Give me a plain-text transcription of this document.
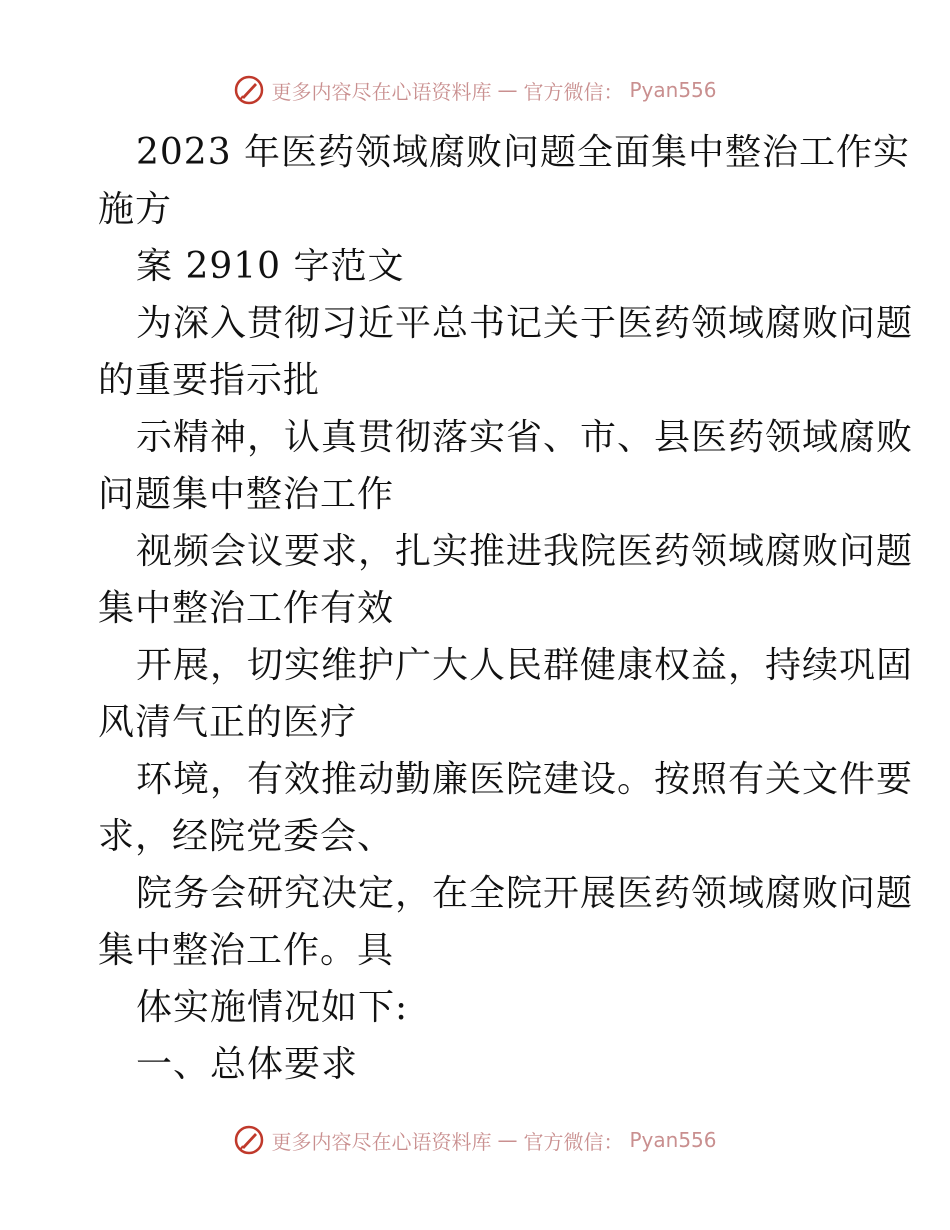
更多内容尽在心语资料库 — 官方微信： Pyan556
2023 年医药领域腐败问题全面集中整治工作实
施方
案 2910 字范文
为深入贯彻习近平总书记关于医药领域腐败问题
的重要指示批
示精神，认真贯彻落实省、市、县医药领域腐败
问题集中整治工作
视频会议要求，扎实推进我院医药领域腐败问题
集中整治工作有效
开展，切实维护广大人民群健康权益，持续巩固
风清气正的医疗
环境，有效推动勤廉医院建设。按照有关文件要
求，经院党委会、
院务会研究决定，在全院开展医药领域腐败问题
集中整治工作。具
体实施情况如下:
一、总体要求
更多内容尽在心语资料库 — 官方微信： Pyan556
